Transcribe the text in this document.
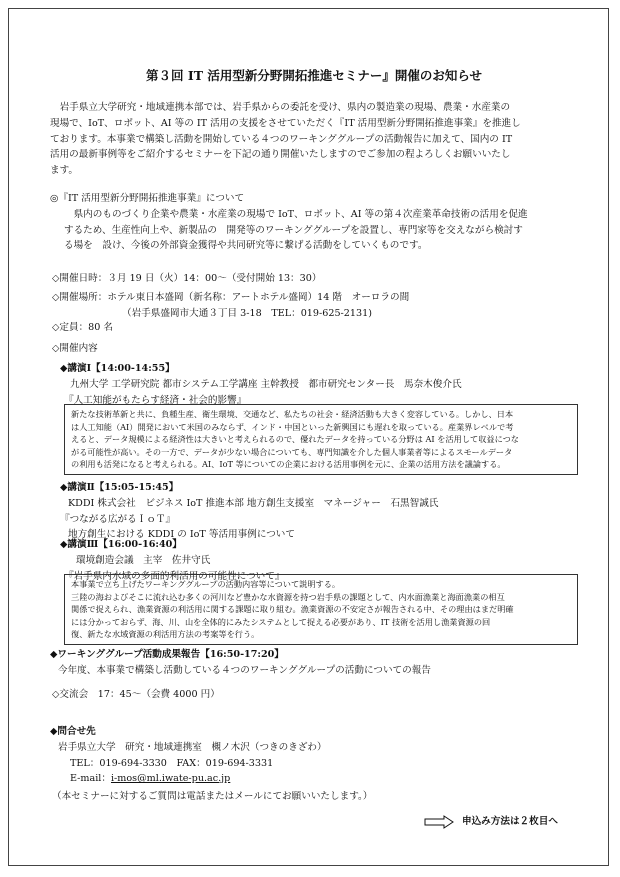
第３回 IT 活用型新分野開拓推進セミナー』開催のお知らせ
　岩手県立大学研究・地域連携本部では、岩手県からの委託を受け、県内の製造業の現場、農業・水産業の
現場で、IoT、ロボット、AI 等の IT 活用の支援をさせていただく『IT 活用型新分野開拓推進事業』を推進し
ております。本事業で構築し活動を開始している４つのワーキンググループの活動報告に加えて、国内の IT
活用の最新事例等をご紹介するセミナーを下記の通り開催いたしますのでご参加の程よろしくお願いいたし
ます。
◎『IT 活用型新分野開拓推進事業』について
　県内のものづくり企業や農業・水産業の現場で IoT、ロボット、AI 等の第４次産業革命技術の活用を促進
するため、生産性向上や、新製品の　開発等のワーキンググループを設置し、専門家等を交えながら検討す
る場を　設け、今後の外部資金獲得や共同研究等に繋げる活動をしていくものです。
◇開催日時：３月 19 日（火）14：00～（受付開始 13：30）
◇開催場所：ホテル東日本盛岡（新名称：アートホテル盛岡）14 階　オーロラの間
（岩手県盛岡市大通３丁目 3-18　TEL：019-625-2131)
◇定員：80 名
◇開催内容
◆講演Ⅰ【14:00-14:55】
九州大学 工学研究院 都市システム工学講座 主幹教授　都市研究センター長　馬奈木俊介氏
『人工知能がもたらす経済・社会的影響』
新たな技術革新と共に、負種生産、衛生環境、交通など、私たちの社会・経済活動も大きく変容している。しかし、日本
は人工知能（AI）開発において米国のみならず、インド・中国といった新興国にも遅れを取っている。産業界レベルで考
えると、データ規模による経済性は大きいと考えられるので、優れたデータを持っている分野は AI を活用して収益につな
がる可能性が高い。その一方で、データが少ない場合についても、専門知識を介した個人事業者等によるスモールデータ
の利用も活発になると考えられる。AI、IoT 等についての企業における活用事例を元に、企業の活用方法を議論する。
◆講演Ⅱ【15:05-15:45】
KDDI 株式会社　ビジネス IoT 推進本部 地方創生支援室　マネージャー　石黒智誠氏
『つながる広がるＩｏＴ』
地方創生における KDDI の IoT 等活用事例について
◆講演Ⅲ【16:00-16:40】
環境創造会議　主宰　佐井守氏
『岩手県内水域の多面的利活用の可能性について』
本事業で立ち上げたワーキンググループの活動内容等について説明する。
三陸の海およびそこに流れ込む多くの河川など豊かな水資源を持つ岩手県の課題として、内水面漁業と海面漁業の相互
関係で捉えられ、漁業資源の利活用に関する課題に取り組む。漁業資源の不安定さが報告される中、その理由はまだ明確
には分かっておらず、海、川、山を全体的にみたシステムとして捉える必要があり、IT 技術を活用し漁業資源の回
復、新たな水域資源の利活用方法の考案等を行う。
◆ワーキンググループ活動成果報告【16:50-17:20】
今年度、本事業で構築し活動している４つのワーキンググループの活動についての報告
◇交流会　17：45～（会費 4000 円）
◆問合せ先
岩手県立大学　研究・地域連携室　槻ノ木沢（つきのきざわ）
TEL：019-694-3330　FAX：019-694-3331
E-mail：i-mos@ml.iwate-pu.ac.jp
（本セミナーに対するご質問は電話またはメールにてお願いいたします。）
申込み方法は２枚目へ
